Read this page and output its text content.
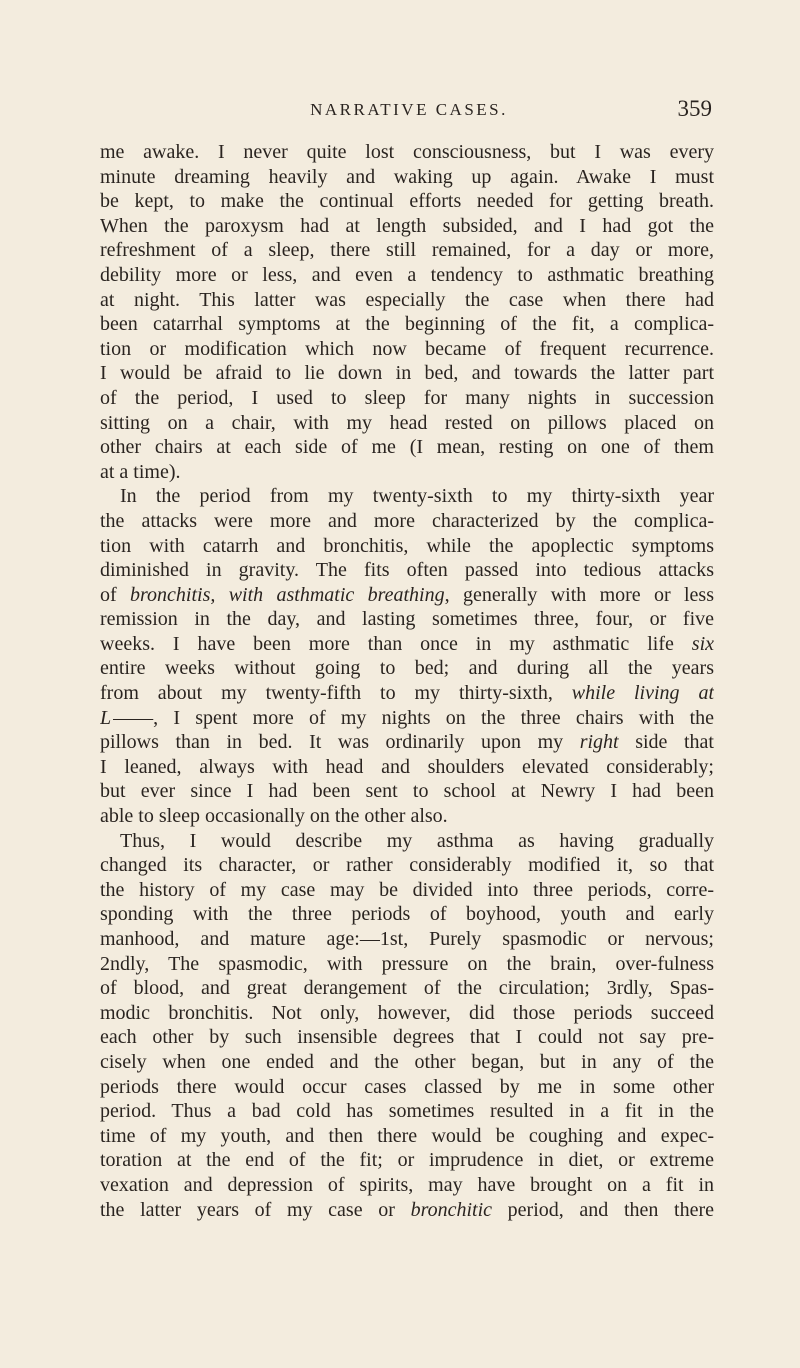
NARRATIVE CASES.	359
me awake. I never quite lost consciousness, but I was every
minute dreaming heavily and waking up again. Awake I must
be kept, to make the continual efforts needed for getting breath.
When the paroxysm had at length subsided, and I had got the
refreshment of a sleep, there still remained, for a day or more,
debility more or less, and even a tendency to asthmatic breathing
at night. This latter was especially the case when there had
been catarrhal symptoms at the beginning of the fit, a complica-
tion or modification which now became of frequent recurrence.
I would be afraid to lie down in bed, and towards the latter part
of the period, I used to sleep for many nights in succession
sitting on a chair, with my head rested on pillows placed on
other chairs at each side of me (I mean, resting on one of them
at a time).
In the period from my twenty-sixth to my thirty-sixth year
the attacks were more and more characterized by the complica-
tion with catarrh and bronchitis, while the apoplectic symptoms
diminished in gravity. The fits often passed into tedious attacks
of bronchitis, with asthmatic breathing, generally with more or less
remission in the day, and lasting sometimes three, four, or five
weeks. I have been more than once in my asthmatic life six
entire weeks without going to bed; and during all the years
from about my twenty-fifth to my thirty-sixth, while living at
L ——, I spent more of my nights on the three chairs with the
pillows than in bed. It was ordinarily upon my right side that
I leaned, always with head and shoulders elevated considerably;
but ever since I had been sent to school at Newry I had been
able to sleep occasionally on the other also.
Thus, I would describe my asthma as having gradually
changed its character, or rather considerably modified it, so that
the history of my case may be divided into three periods, corre-
sponding with the three periods of boyhood, youth and early
manhood, and mature age:—1st, Purely spasmodic or nervous;
2ndly, The spasmodic, with pressure on the brain, over-fulness
of blood, and great derangement of the circulation; 3rdly, Spas-
modic bronchitis. Not only, however, did those periods succeed
each other by such insensible degrees that I could not say pre-
cisely when one ended and the other began, but in any of the
periods there would occur cases classed by me in some other
period. Thus a bad cold has sometimes resulted in a fit in the
time of my youth, and then there would be coughing and expec-
toration at the end of the fit; or imprudence in diet, or extreme
vexation and depression of spirits, may have brought on a fit in
the latter years of my case or bronchitic period, and then there
